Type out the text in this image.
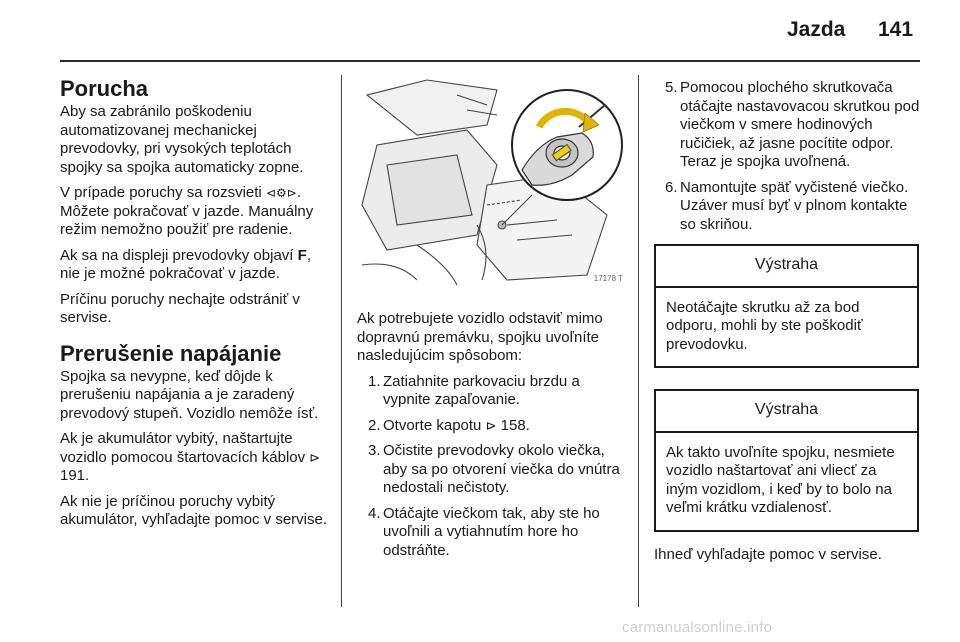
Jazda 141
Porucha

Aby sa zabránilo poškodeniu automatizovanej mechanickej prevodovky, pri vysokých teplotách spojky sa spojka automaticky zopne.

V prípade poruchy sa rozsvieti ⊲⚙⊳. Môžete pokračovať v jazde. Manuálny režim nemožno použiť pre radenie.

Ak sa na displeji prevodovky objaví F, nie je možné pokračovať v jazde.

Príčinu poruchy nechajte odstrániť v servise.

Prerušenie napájanie

Spojka sa nevypne, keď dôjde k prerušeniu napájania a je zaradený prevodový stupeň. Vozidlo nemôže ísť.

Ak je akumulátor vybitý, naštartujte vozidlo pomocou štartovacích káblov ⊳ 191.

Ak nie je príčinou poruchy vybitý akumulátor, vyhľadajte pomoc v servise.

17178 T

Ak potrebujete vozidlo odstaviť mimo dopravnú premávku, spojku uvoľníte nasledujúcim spôsobom:

1. Zatiahnite parkovaciu brzdu a vypnite zapaľovanie.
2. Otvorte kapotu ⊳ 158.
3. Očistite prevodovky okolo viečka, aby sa po otvorení viečka do vnútra nedostali nečistoty.
4. Otáčajte viečkom tak, aby ste ho uvoľnili a vytiahnutím hore ho odstráňte.
5. Pomocou plochého skrutkovača otáčajte nastavovacou skrutkou pod viečkom v smere hodinových ručičiek, až jasne pocítite odpor. Teraz je spojka uvoľnená.
6. Namontujte späť vyčistené viečko. Uzáver musí byť v plnom kontakte so skriňou.
Výstraha
Neotáčajte skrutku až za bod odporu, mohli by ste poškodiť prevodovku.
Výstraha
Ak takto uvoľníte spojku, nesmiete vozidlo naštartovať ani vliecť za iným vozidlom, i keď by to bolo na veľmi krátku vzdialenosť.

Ihneď vyhľadajte pomoc v servise.

carmanualsonline.info
